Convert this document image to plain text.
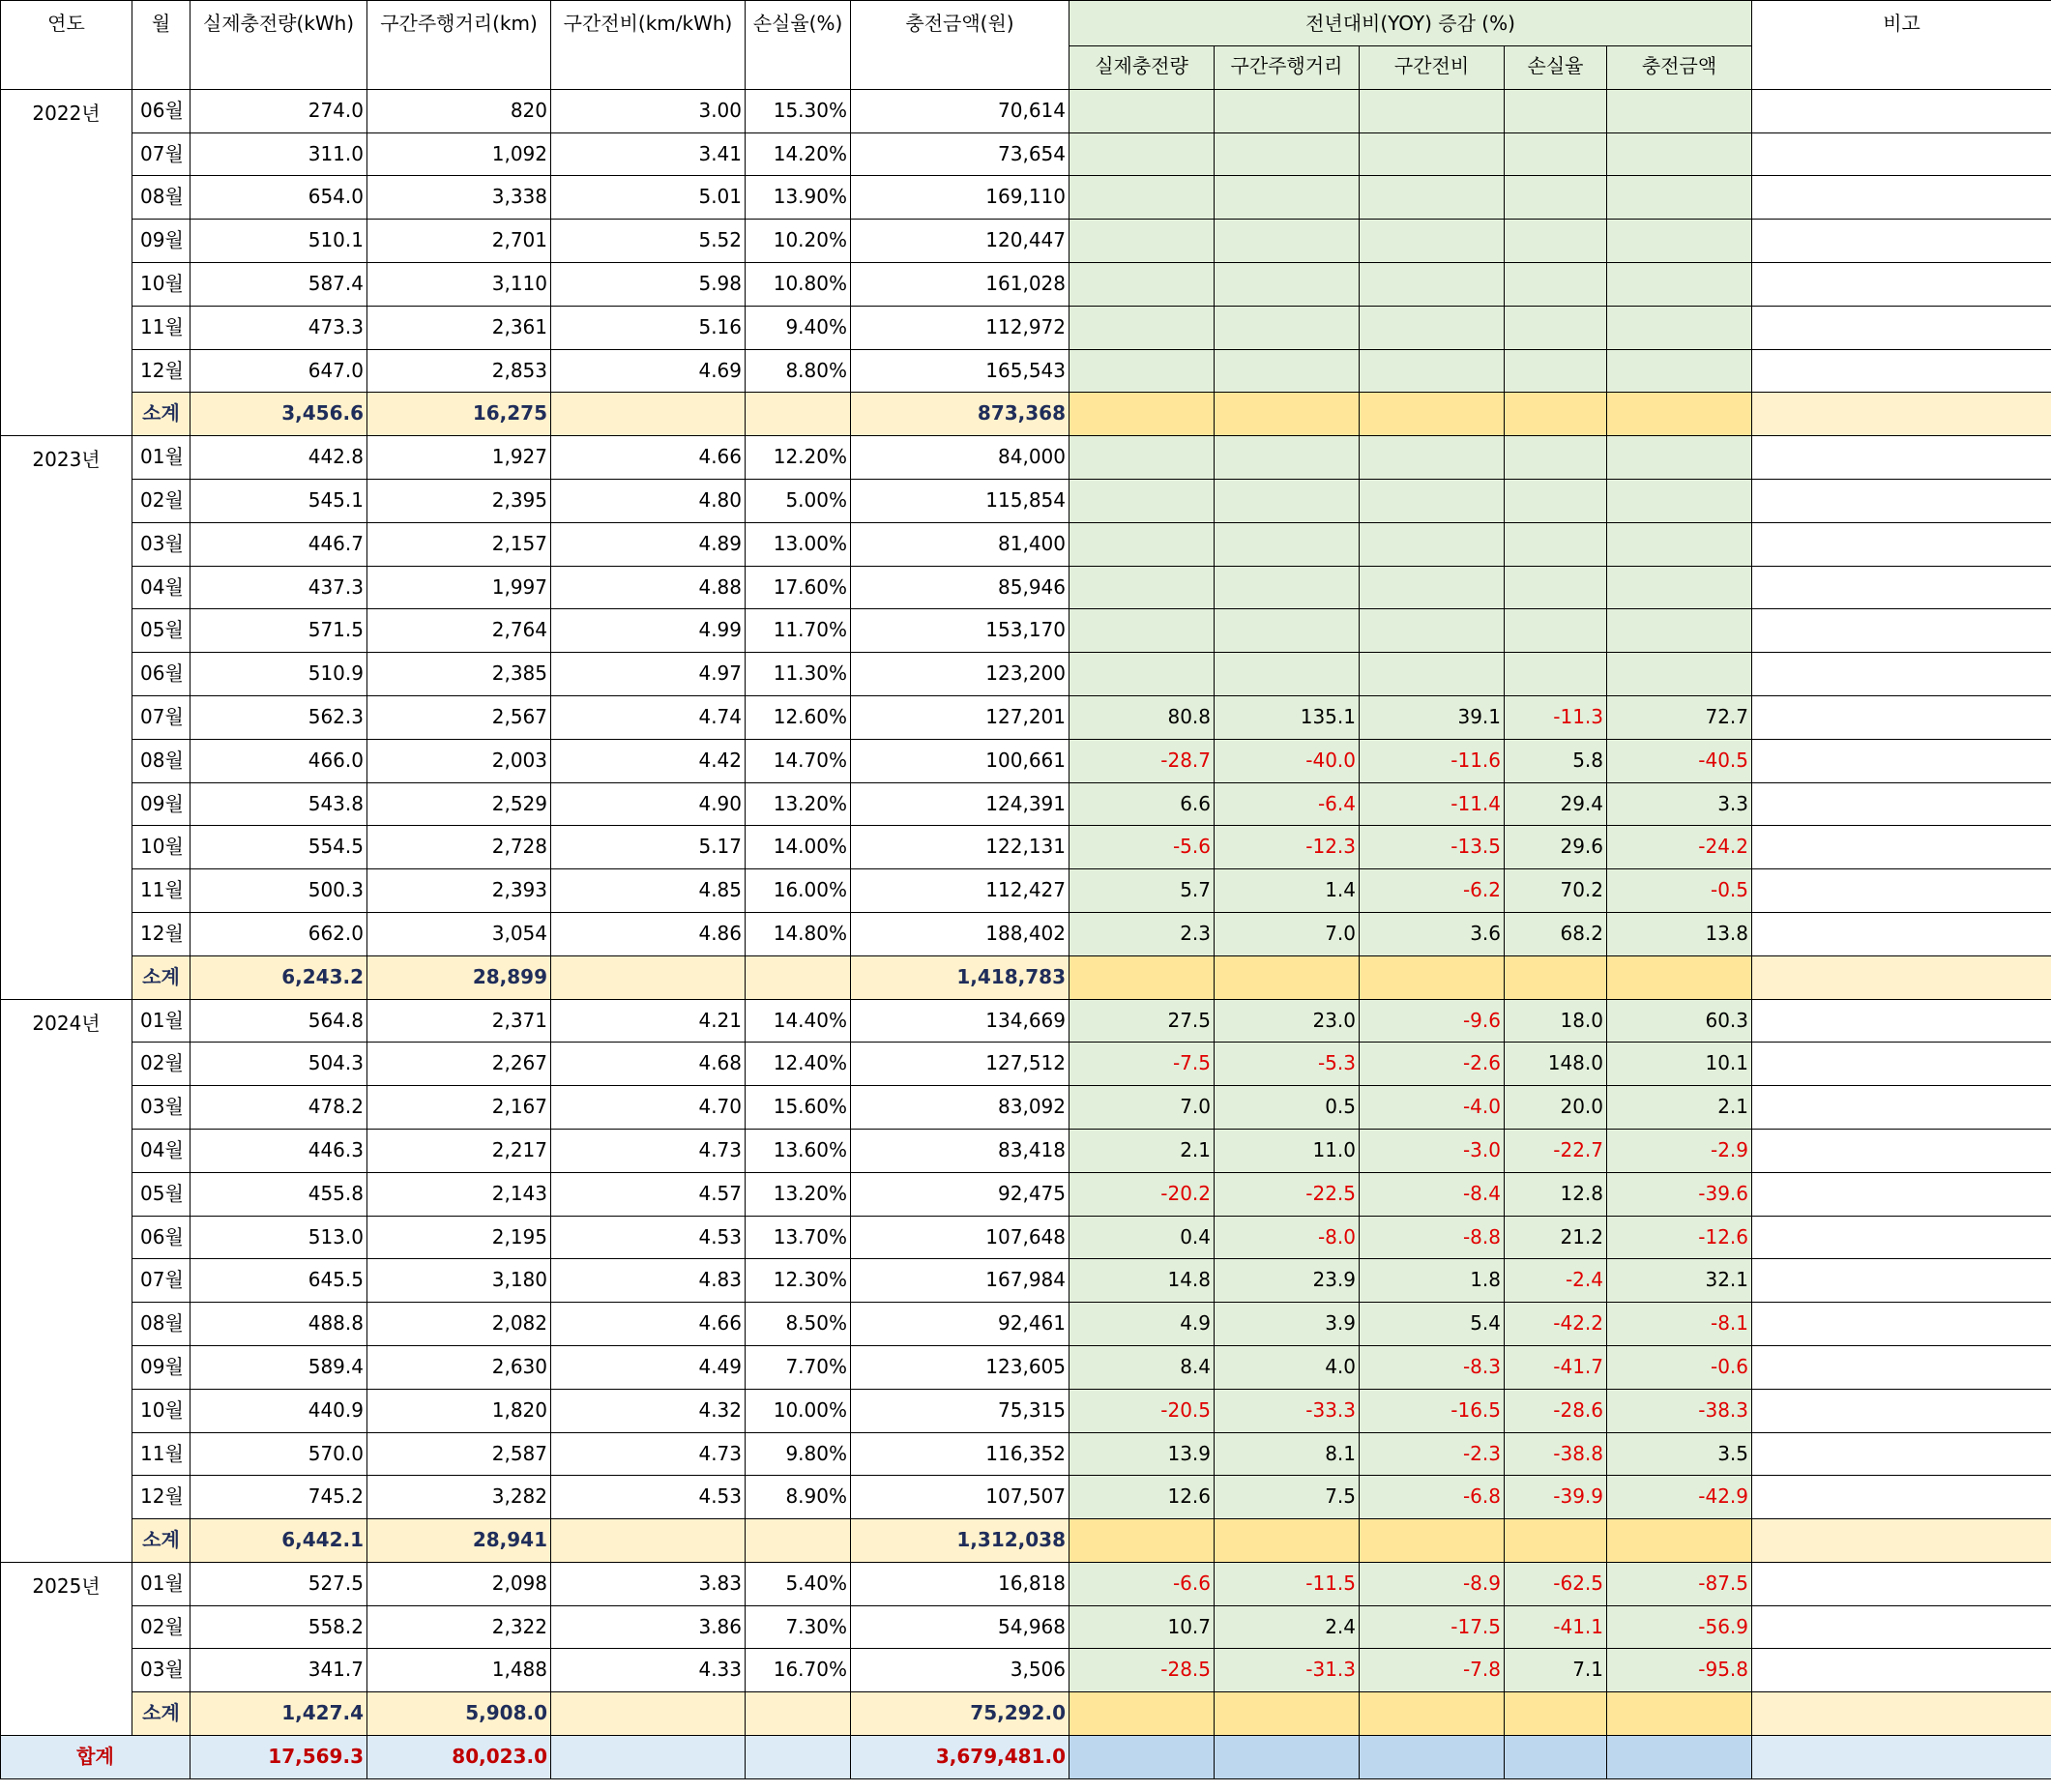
연도	월	실제충전량(kWh)	구간주행거리(km)	구간전비(km/kWh)	손실율(%)	충전금액(원)	전년대비(YOY) 증감 (%)					비고
							실제충전량	구간주행거리	구간전비	손실율	충전금액	
2022년	06월	274.0	820	3.00	15.30%	70,614						
	07월	311.0	1,092	3.41	14.20%	73,654						
	08월	654.0	3,338	5.01	13.90%	169,110						
	09월	510.1	2,701	5.52	10.20%	120,447						
	10월	587.4	3,110	5.98	10.80%	161,028						
	11월	473.3	2,361	5.16	9.40%	112,972						
	12월	647.0	2,853	4.69	8.80%	165,543						
	소계	3,456.6	16,275			873,368						
2023년	01월	442.8	1,927	4.66	12.20%	84,000						
	02월	545.1	2,395	4.80	5.00%	115,854						
	03월	446.7	2,157	4.89	13.00%	81,400						
	04월	437.3	1,997	4.88	17.60%	85,946						
	05월	571.5	2,764	4.99	11.70%	153,170						
	06월	510.9	2,385	4.97	11.30%	123,200						
	07월	562.3	2,567	4.74	12.60%	127,201	80.8	135.1	39.1	-11.3	72.7	
	08월	466.0	2,003	4.42	14.70%	100,661	-28.7	-40.0	-11.6	5.8	-40.5	
	09월	543.8	2,529	4.90	13.20%	124,391	6.6	-6.4	-11.4	29.4	3.3	
	10월	554.5	2,728	5.17	14.00%	122,131	-5.6	-12.3	-13.5	29.6	-24.2	
	11월	500.3	2,393	4.85	16.00%	112,427	5.7	1.4	-6.2	70.2	-0.5	
	12월	662.0	3,054	4.86	14.80%	188,402	2.3	7.0	3.6	68.2	13.8	
	소계	6,243.2	28,899			1,418,783						
2024년	01월	564.8	2,371	4.21	14.40%	134,669	27.5	23.0	-9.6	18.0	60.3	
	02월	504.3	2,267	4.68	12.40%	127,512	-7.5	-5.3	-2.6	148.0	10.1	
	03월	478.2	2,167	4.70	15.60%	83,092	7.0	0.5	-4.0	20.0	2.1	
	04월	446.3	2,217	4.73	13.60%	83,418	2.1	11.0	-3.0	-22.7	-2.9	
	05월	455.8	2,143	4.57	13.20%	92,475	-20.2	-22.5	-8.4	12.8	-39.6	
	06월	513.0	2,195	4.53	13.70%	107,648	0.4	-8.0	-8.8	21.2	-12.6	
	07월	645.5	3,180	4.83	12.30%	167,984	14.8	23.9	1.8	-2.4	32.1	
	08월	488.8	2,082	4.66	8.50%	92,461	4.9	3.9	5.4	-42.2	-8.1	
	09월	589.4	2,630	4.49	7.70%	123,605	8.4	4.0	-8.3	-41.7	-0.6	
	10월	440.9	1,820	4.32	10.00%	75,315	-20.5	-33.3	-16.5	-28.6	-38.3	
	11월	570.0	2,587	4.73	9.80%	116,352	13.9	8.1	-2.3	-38.8	3.5	
	12월	745.2	3,282	4.53	8.90%	107,507	12.6	7.5	-6.8	-39.9	-42.9	
	소계	6,442.1	28,941			1,312,038						
2025년	01월	527.5	2,098	3.83	5.40%	16,818	-6.6	-11.5	-8.9	-62.5	-87.5	
	02월	558.2	2,322	3.86	7.30%	54,968	10.7	2.4	-17.5	-41.1	-56.9	
	03월	341.7	1,488	4.33	16.70%	3,506	-28.5	-31.3	-7.8	7.1	-95.8	
	소계	1,427.4	5,908.0			75,292.0						
합계		17,569.3	80,023.0			3,679,481.0						
